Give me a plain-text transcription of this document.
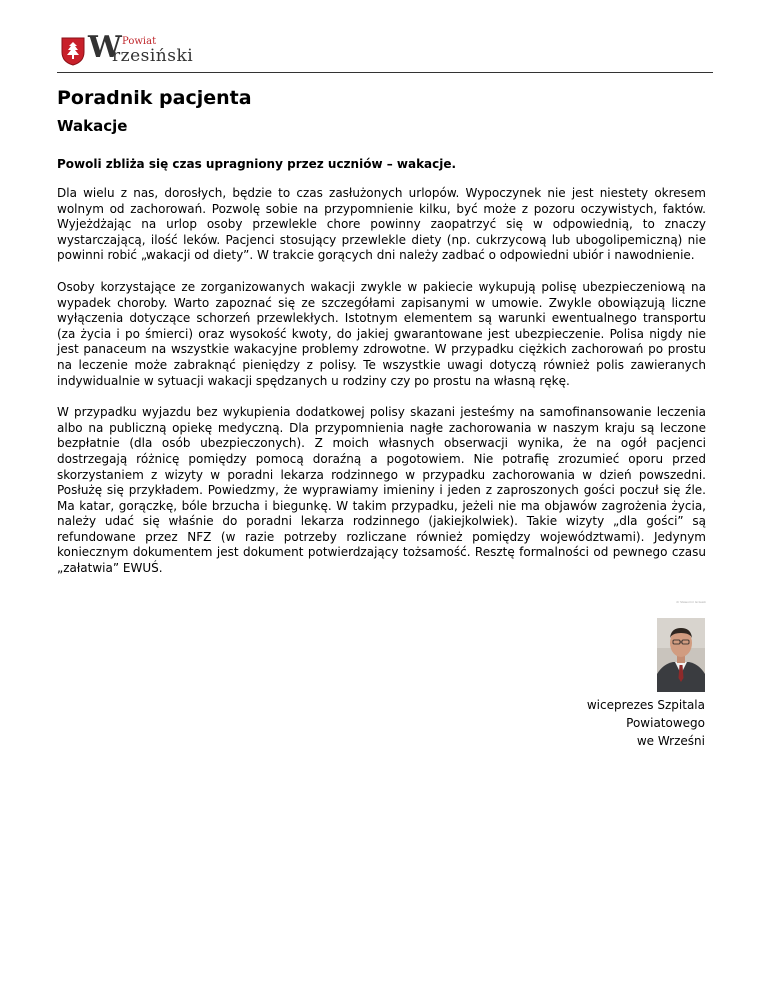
W Powiat
rzesiński
Poradnik pacjenta
Wakacje
Powoli zbliża się czas upragniony przez uczniów – wakacje.

Dla wielu z nas, dorosłych, będzie to czas zasłużonych urlopów. Wypoczynek nie jest niestety okresem wolnym od zachorowań. Pozwolę sobie na przypomnienie kilku, być może z pozoru oczywistych, faktów. Wyjeżdżając na urlop osoby przewlekle chore powinny zaopatrzyć się w odpowiednią, to znaczy wystarczającą, ilość leków. Pacjenci stosujący przewlekle diety (np. cukrzycową lub ubogolipemiczną) nie powinni robić „wakacji od diety”. W trakcie gorących dni należy zadbać o odpowiedni ubiór i nawodnienie.

Osoby korzystające ze zorganizowanych wakacji zwykle w pakiecie wykupują polisę ubezpieczeniową na wypadek choroby. Warto zapoznać się ze szczegółami zapisanymi w umowie. Zwykle obowiązują liczne wyłączenia dotyczące schorzeń przewlekłych. Istotnym elementem są warunki ewentualnego transportu (za życia i po śmierci) oraz wysokość kwoty, do jakiej gwarantowane jest ubezpieczenie. Polisa nigdy nie jest panaceum na wszystkie wakacyjne problemy zdrowotne. W przypadku ciężkich zachorowań po prostu na leczenie może zabraknąć pieniędzy z polisy. Te wszystkie uwagi dotyczą również polis zawieranych indywidualnie w sytuacji wakacji spędzanych u rodziny czy po prostu na własną rękę.

W przypadku wyjazdu bez wykupienia dodatkowej polisy skazani jesteśmy na samofinansowanie leczenia albo na publiczną opiekę medyczną. Dla przypomnienia nagłe zachorowania w naszym kraju są leczone bezpłatnie (dla osób ubezpieczonych). Z moich własnych obserwacji wynika, że na ogół pacjenci dostrzegają różnicę pomiędzy pomocą doraźną a pogotowiem. Nie potrafię zrozumieć oporu przed skorzystaniem z wizyty w poradni lekarza rodzinnego w przypadku zachorowania w dzień powszedni. Posłużę się przykładem. Powiedzmy, że wyprawiamy imieniny i jeden z zaproszonych gości poczuł się źle. Ma katar, gorączkę, bóle brzucha i biegunkę. W takim przypadku, jeżeli nie ma objawów zagrożenia życia, należy udać się właśnie do poradni lekarza rodzinnego (jakiejkolwiek). Takie wizyty „dla gości” są refundowane przez NFZ (w razie potrzeby rozliczane również pomiędzy województwami). Jedynym koniecznym dokumentem jest dokument potwierdzający tożsamość. Resztę formalności od pewnego czasu „załatwia” EWUŚ.

dr Sławomir Grzesik
wiceprezes Szpitala
Powiatowego
we Wrześni
